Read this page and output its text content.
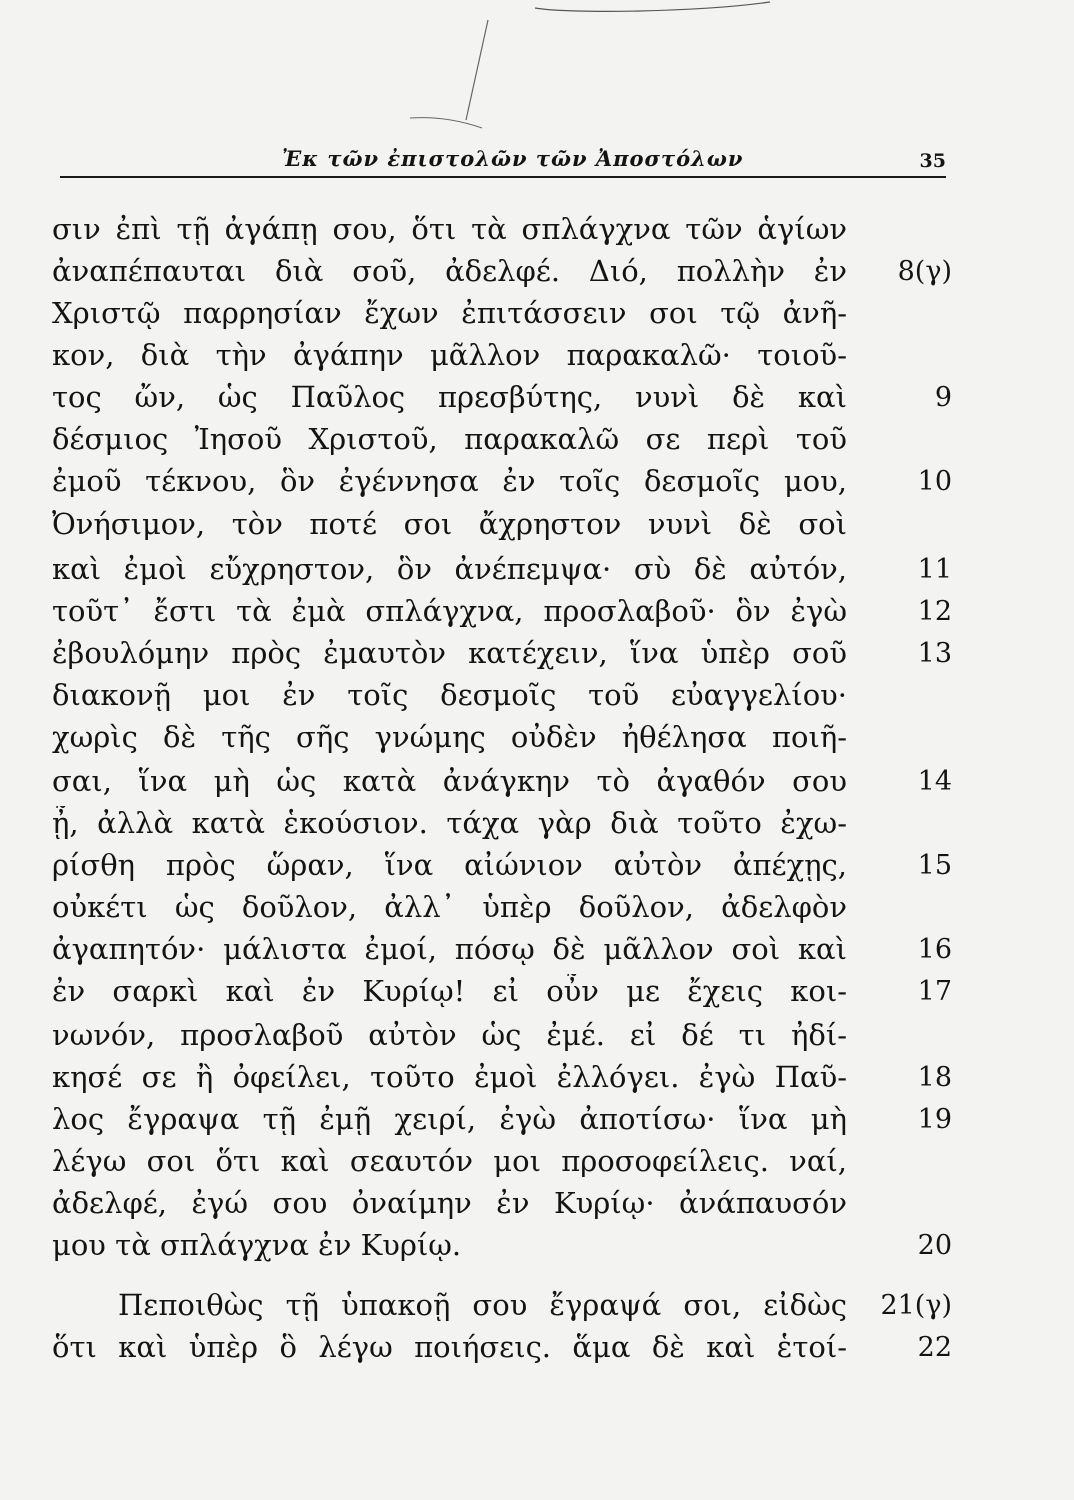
Ἐκ τῶν ἐπιστολῶν τῶν Ἀποστόλων	35
σιν ἐπὶ τῇ ἀγάπῃ σου, ὅτι τὰ σπλάγχνα τῶν ἁγίων
ἀναπέπαυται διὰ σοῦ, ἀδελφέ. Διό, πολλὴν ἐν	8(γ)
Χριστῷ παρρησίαν ἔχων ἐπιτάσσειν σοι τῷ ἀνῆ-
κον, διὰ τὴν ἀγάπην μᾶλλον παρακαλῶ· τοιοῦ-
τος ὤν, ὡς Παῦλος πρεσβύτης, νυνὶ δὲ καὶ	9
δέσμιος Ἰησοῦ Χριστοῦ, παρακαλῶ σε περὶ τοῦ
ἐμοῦ τέκνου, ὃν ἐγέννησα ἐν τοῖς δεσμοῖς μου,	10
Ὀνήσιμον, τὸν ποτέ σοι ἄχρηστον νυνὶ δὲ σοὶ
καὶ ἐμοὶ εὔχρηστον, ὃν ἀνέπεμψα· σὺ δὲ αὐτόν,	11
τοῦτ᾽ ἔστι τὰ ἐμὰ σπλάγχνα, προσλαβοῦ· ὃν ἐγὼ	12
ἐβουλόμην πρὸς ἐμαυτὸν κατέχειν, ἵνα ὑπὲρ σοῦ	13
διακονῇ μοι ἐν τοῖς δεσμοῖς τοῦ εὐαγγελίου·
χωρὶς δὲ τῆς σῆς γνώμης οὐδὲν ἠθέλησα ποιῆ-
σαι, ἵνα μὴ ὡς κατὰ ἀνάγκην τὸ ἀγαθόν σου	14
ᾖ, ἀλλὰ κατὰ ἑκούσιον. τάχα γὰρ διὰ τοῦτο ἐχω-
ρίσθη πρὸς ὥραν, ἵνα αἰώνιον αὐτὸν ἀπέχῃς,	15
οὐκέτι ὡς δοῦλον, ἀλλ᾽ ὑπὲρ δοῦλον, ἀδελφὸν
ἀγαπητόν· μάλιστα ἐμοί, πόσῳ δὲ μᾶλλον σοὶ καὶ	16
ἐν σαρκὶ καὶ ἐν Κυρίῳ! εἰ οὖν με ἔχεις κοι-	17
νωνόν, προσλαβοῦ αὐτὸν ὡς ἐμέ. εἰ δέ τι ἠδί-
κησέ σε ἢ ὀφείλει, τοῦτο ἐμοὶ ἐλλόγει. ἐγὼ Παῦ-	18
λος ἔγραψα τῇ ἐμῇ χειρί, ἐγὼ ἀποτίσω· ἵνα μὴ	19
λέγω σοι ὅτι καὶ σεαυτόν μοι προσοφείλεις. ναί,
ἀδελφέ, ἐγώ σου ὀναίμην ἐν Κυρίῳ· ἀνάπαυσόν
μου τὰ σπλάγχνα ἐν Κυρίῳ.	20
Πεποιθὼς τῇ ὑπακοῇ σου ἔγραψά σοι, εἰδὼς	21(γ)
ὅτι καὶ ὑπὲρ ὃ λέγω ποιήσεις. ἅμα δὲ καὶ ἑτοί-	22
